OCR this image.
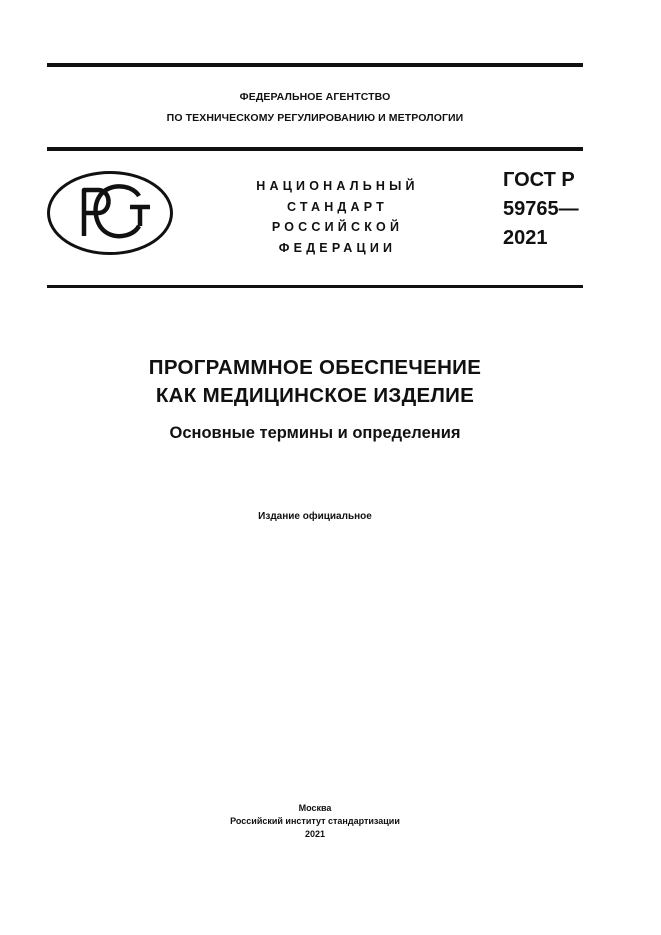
ФЕДЕРАЛЬНОЕ АГЕНТСТВО
ПО ТЕХНИЧЕСКОМУ РЕГУЛИРОВАНИЮ И МЕТРОЛОГИИ
НАЦИОНАЛЬНЫЙ
СТАНДАРТ
РОССИЙСКОЙ
ФЕДЕРАЦИИ
ГОСТ Р
59765—
2021
ПРОГРАММНОЕ ОБЕСПЕЧЕНИЕ
КАК МЕДИЦИНСКОЕ ИЗДЕЛИЕ
Основные термины и определения
Издание официальное
Москва
Российский институт стандартизации
2021
